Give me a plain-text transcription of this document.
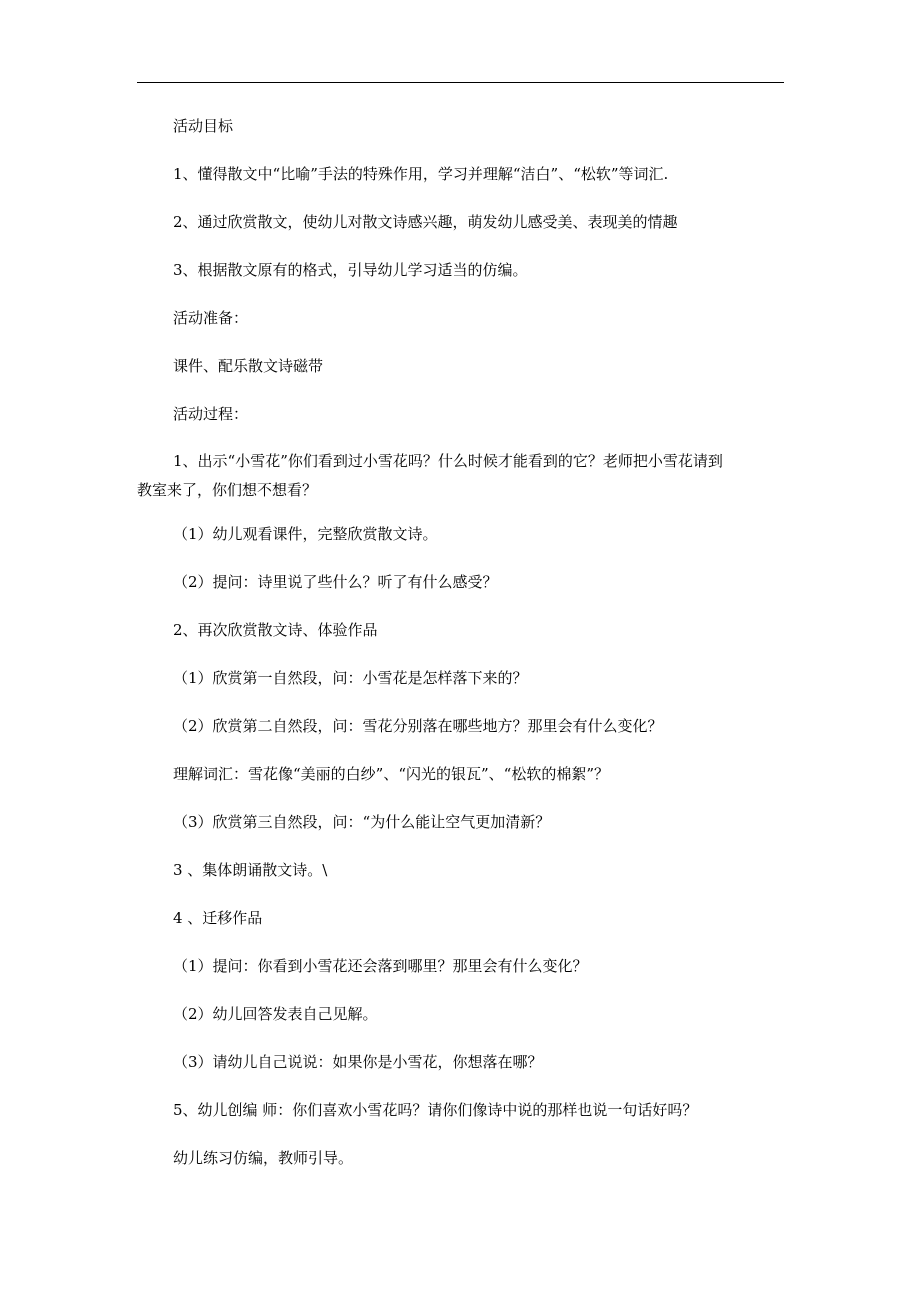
活动目标

1、懂得散文中“比喻”手法的特殊作用，学习并理解“洁白”、“松软”等词汇.

2、通过欣赏散文，使幼儿对散文诗感兴趣，萌发幼儿感受美、表现美的情趣

3、根据散文原有的格式，引导幼儿学习适当的仿编。

活动准备：

课件、配乐散文诗磁带

活动过程：

1、出示“小雪花”你们看到过小雪花吗？什么时候才能看到的它？老师把小雪花请到
教室来了，你们想不想看？

（1）幼儿观看课件，完整欣赏散文诗。

（2）提问：诗里说了些什么？听了有什么感受？

2、再次欣赏散文诗、体验作品

（1）欣赏第一自然段，问：小雪花是怎样落下来的？

（2）欣赏第二自然段，问：雪花分别落在哪些地方？那里会有什么变化？

理解词汇：雪花像“美丽的白纱”、“闪光的银瓦”、“松软的棉絮”？

（3）欣赏第三自然段，问：“为什么能让空气更加清新？

3 、集体朗诵散文诗。\

4 、迁移作品

（1）提问：你看到小雪花还会落到哪里？那里会有什么变化？

（2）幼儿回答发表自己见解。

（3）请幼儿自己说说：如果你是小雪花，你想落在哪？

5、幼儿创编 师：你们喜欢小雪花吗？请你们像诗中说的那样也说一句话好吗？

幼儿练习仿编，教师引导。
